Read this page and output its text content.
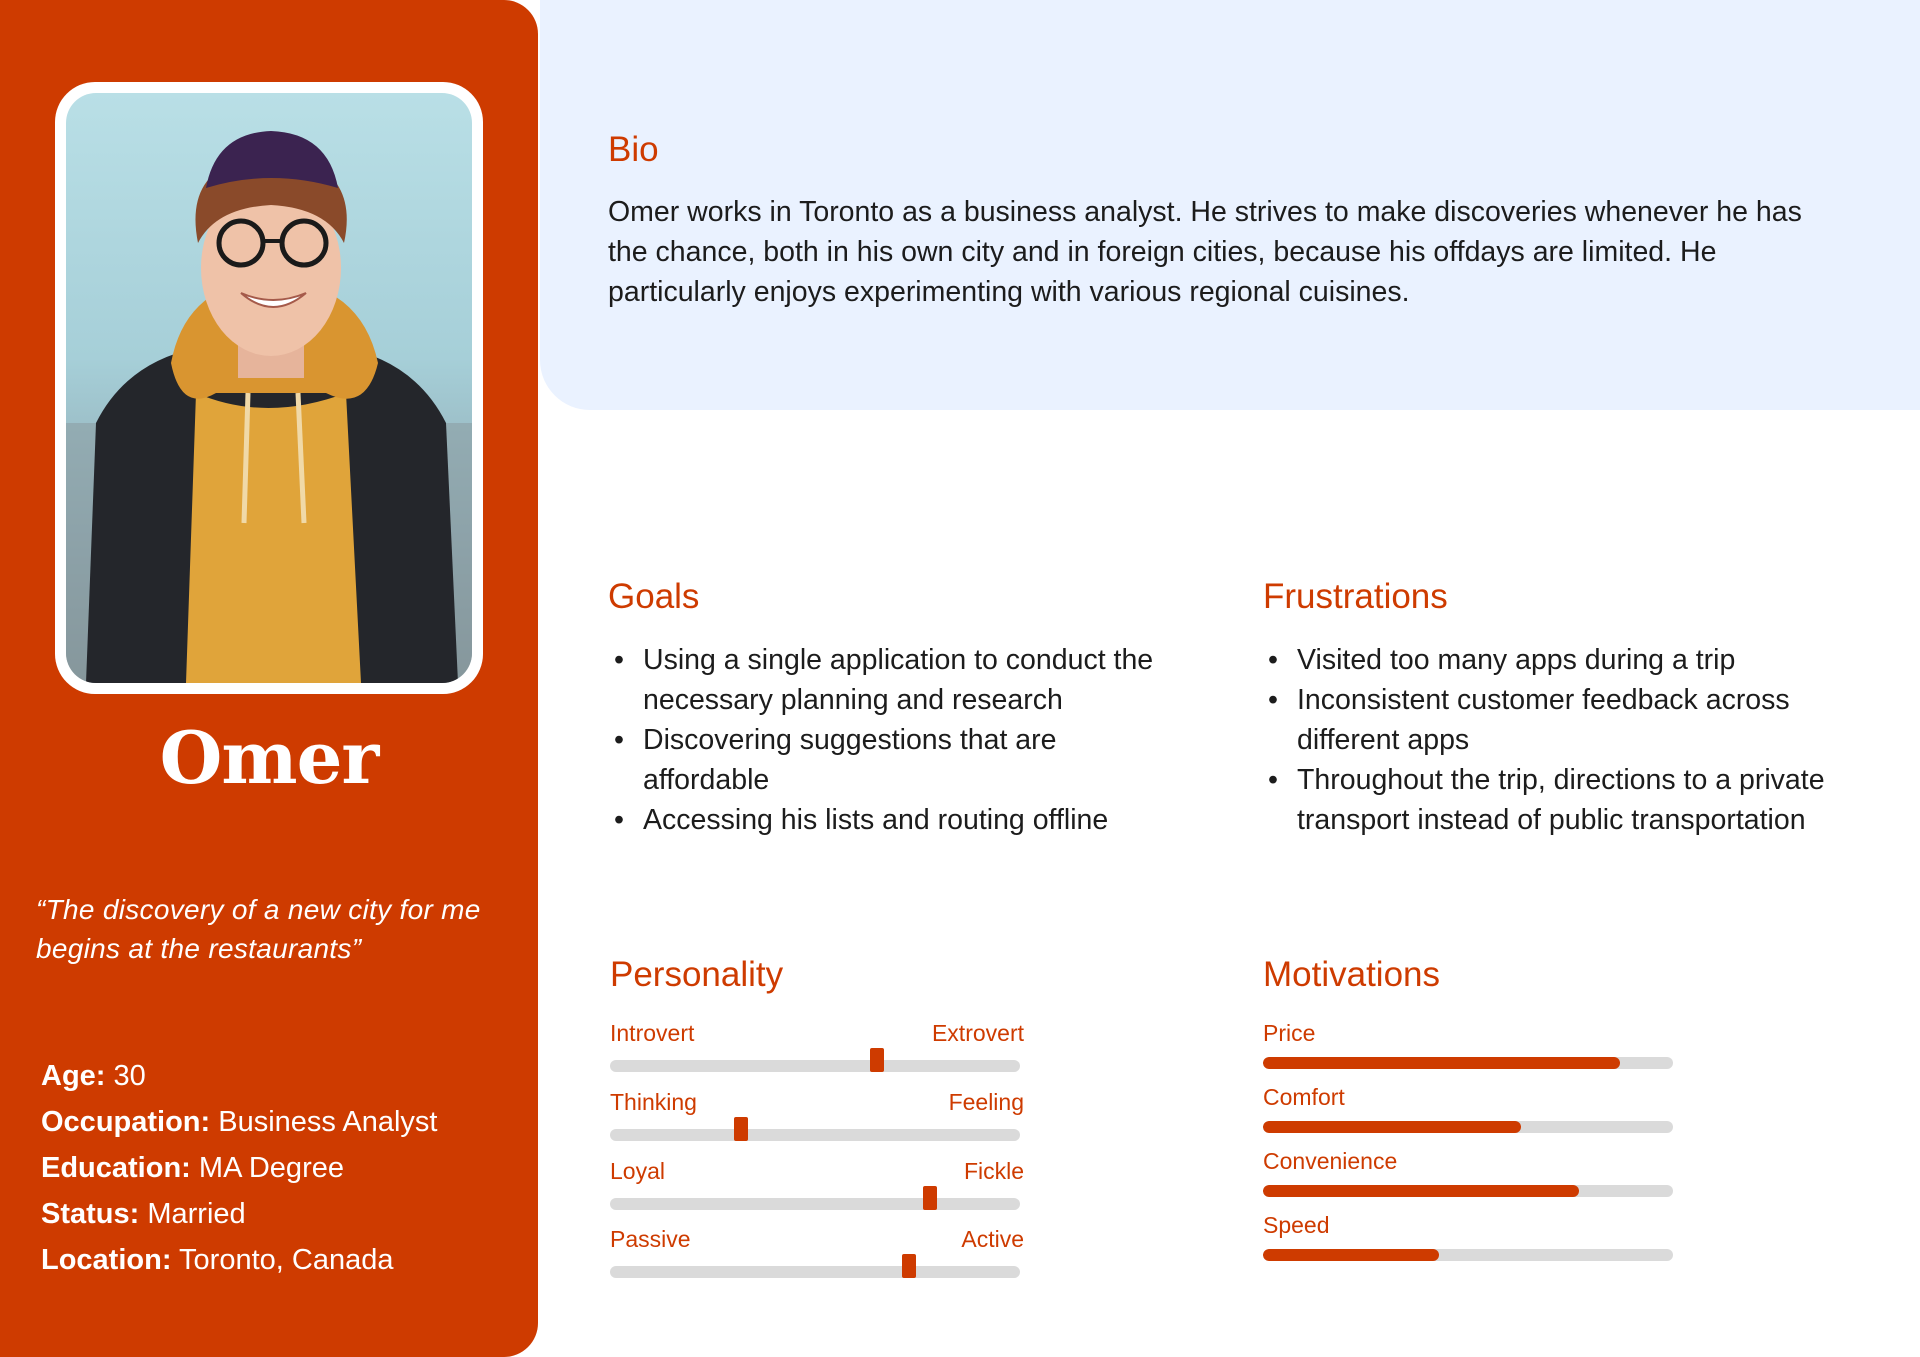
Omer
“The discovery of a new city for me begins at the restaurants”
Age: 30
Occupation: Business Analyst
Education: MA Degree
Status: Married
Location: Toronto, Canada
Bio
Omer works in Toronto as a business analyst. He strives to make discoveries whenever he has the chance, both in his own city and in foreign cities, because his offdays are limited. He particularly enjoys experimenting with various regional cuisines.
Goals
• Using a single application to conduct the necessary planning and research
• Discovering suggestions that are affordable
• Accessing his lists and routing offline
Frustrations
• Visited too many apps during a trip
• Inconsistent customer feedback across different apps
• Throughout the trip, directions to a private transport instead of public transportation
Personality
Introvert	Extrovert
Thinking	Feeling
Loyal	Fickle
Passive	Active
Motivations
Price
Comfort
Convenience
Speed
